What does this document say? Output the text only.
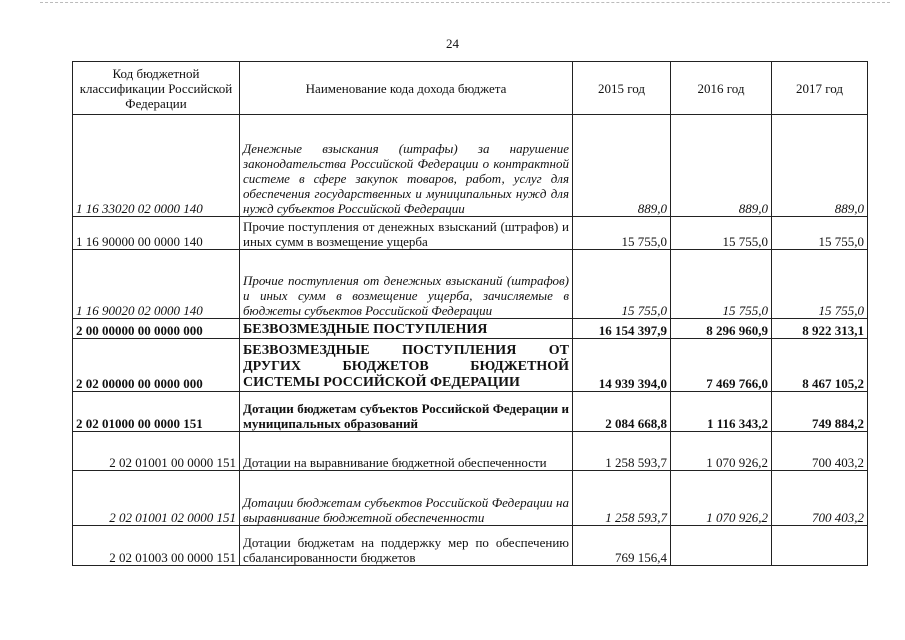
24
Код бюджетной классификации Российской Федерации	Наименование кода дохода бюджета	2015 год	2016 год	2017 год
1 16 33020 02 0000 140	Денежные взыскания (штрафы) за нарушение законодательства Российской Федерации о контрактной системе в сфере закупок товаров, работ, услуг для обеспечения государственных и муниципальных нужд для нужд субъектов Российской Федерации	889,0	889,0	889,0
1 16 90000 00 0000 140	Прочие поступления от денежных взысканий (штрафов) и иных сумм в возмещение ущерба	15 755,0	15 755,0	15 755,0
1 16 90020 02 0000 140	Прочие поступления от денежных взысканий (штрафов) и иных сумм в возмещение ущерба, зачисляемые в бюджеты субъектов Российской Федерации	15 755,0	15 755,0	15 755,0
2 00 00000 00 0000 000	БЕЗВОЗМЕЗДНЫЕ ПОСТУПЛЕНИЯ	16 154 397,9	8 296 960,9	8 922 313,1
2 02 00000 00 0000 000	БЕЗВОЗМЕЗДНЫЕ ПОСТУПЛЕНИЯ ОТ ДРУГИХ БЮДЖЕТОВ БЮДЖЕТНОЙ СИСТЕМЫ РОССИЙСКОЙ ФЕДЕРАЦИИ	14 939 394,0	7 469 766,0	8 467 105,2
2 02 01000 00 0000 151	Дотации бюджетам субъектов Российской Федерации и муниципальных образований	2 084 668,8	1 116 343,2	749 884,2
2 02 01001 00 0000 151	Дотации на выравнивание бюджетной обеспеченности	1 258 593,7	1 070 926,2	700 403,2
2 02 01001 02 0000 151	Дотации бюджетам субъектов Российской Федерации на выравнивание бюджетной обеспеченности	1 258 593,7	1 070 926,2	700 403,2
2 02 01003 00 0000 151	Дотации бюджетам на поддержку мер по обеспечению сбалансированности бюджетов	769 156,4		
